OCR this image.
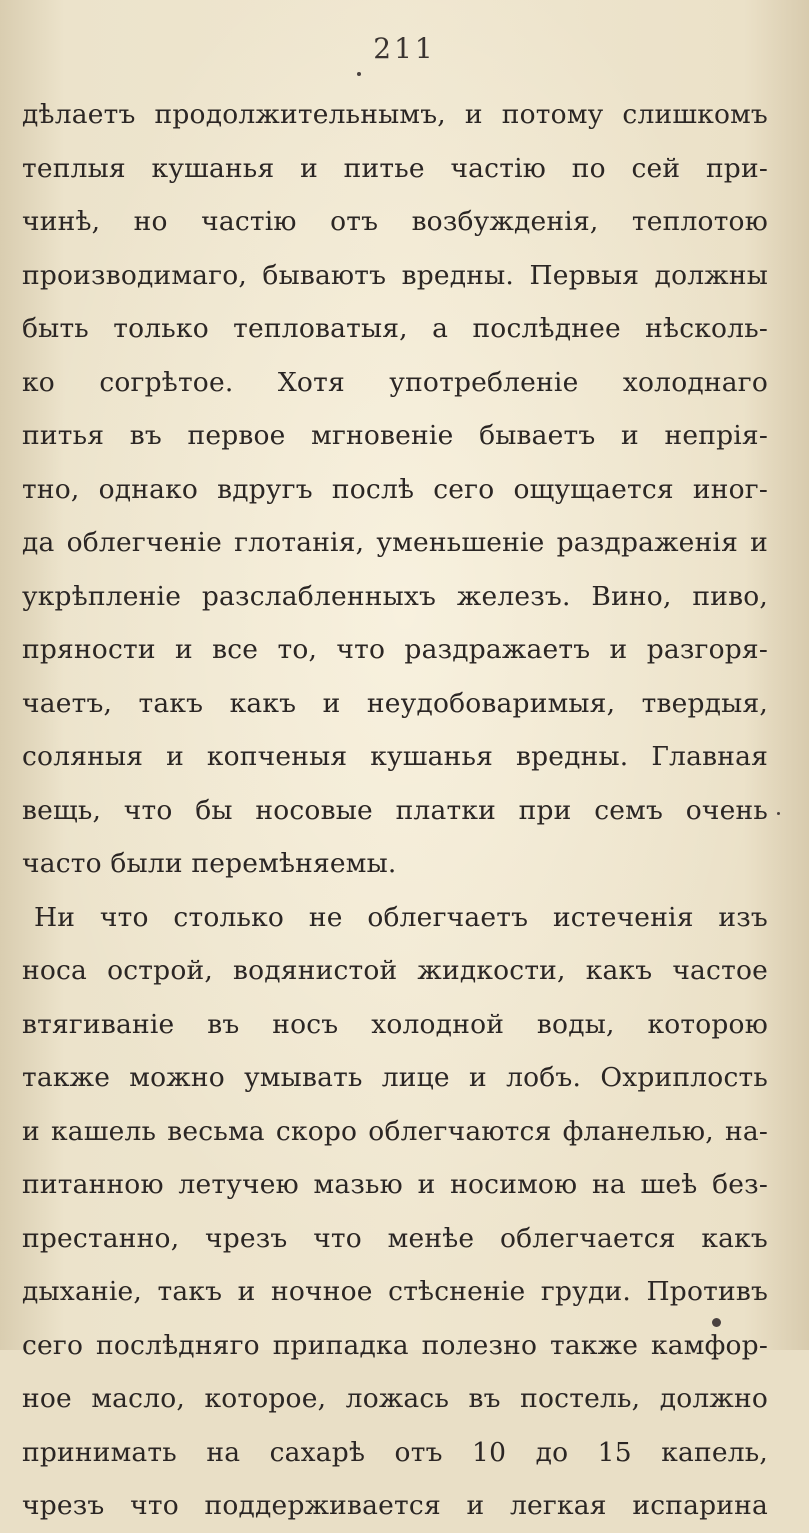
211
дѣлаетъ продолжительнымъ, и потому слишкомъ
теплыя кушанья и питье частію по сей при-
чинѣ, но частію отъ возбужденія, теплотою
производимаго, бываютъ вредны. Первыя должны
быть только тепловатыя, а послѣднее нѣсколь-
ко согрѣтое. Хотя употребленіе холоднаго
питья въ первое мгновеніе бываетъ и непрія-
тно, однако вдругъ послѣ сего ощущается иног-
да облегченіе глотанія, уменьшеніе раздраженія и
укрѣпленіе разслабленныхъ железъ. Вино, пиво,
пряности и все то, что раздражаетъ и разгоря-
чаетъ, такъ какъ и неудобоваримыя, твердыя,
соляныя и копченыя кушанья вредны. Главная
вещь, что бы носовые платки при семъ очень
часто были перемѣняемы.
Ни что столько не облегчаетъ истеченія изъ
носа острой, водянистой жидкости, какъ частое
втягиваніе въ носъ холодной воды, которою
также можно умывать лице и лобъ. Охриплость
и кашель весьма скоро облегчаются фланелью, на-
питанною летучею мазью и носимою на шеѣ без-
престанно, чрезъ что менѣе облегчается какъ
дыханіе, такъ и ночное стѣсненіе груди. Противъ
сего послѣдняго припадка полезно также камфор-
ное масло, которое, ложась въ постель, должно
принимать на сахарѣ отъ 10 до 15 капель,
чрезъ что поддерживается и легкая испарина
